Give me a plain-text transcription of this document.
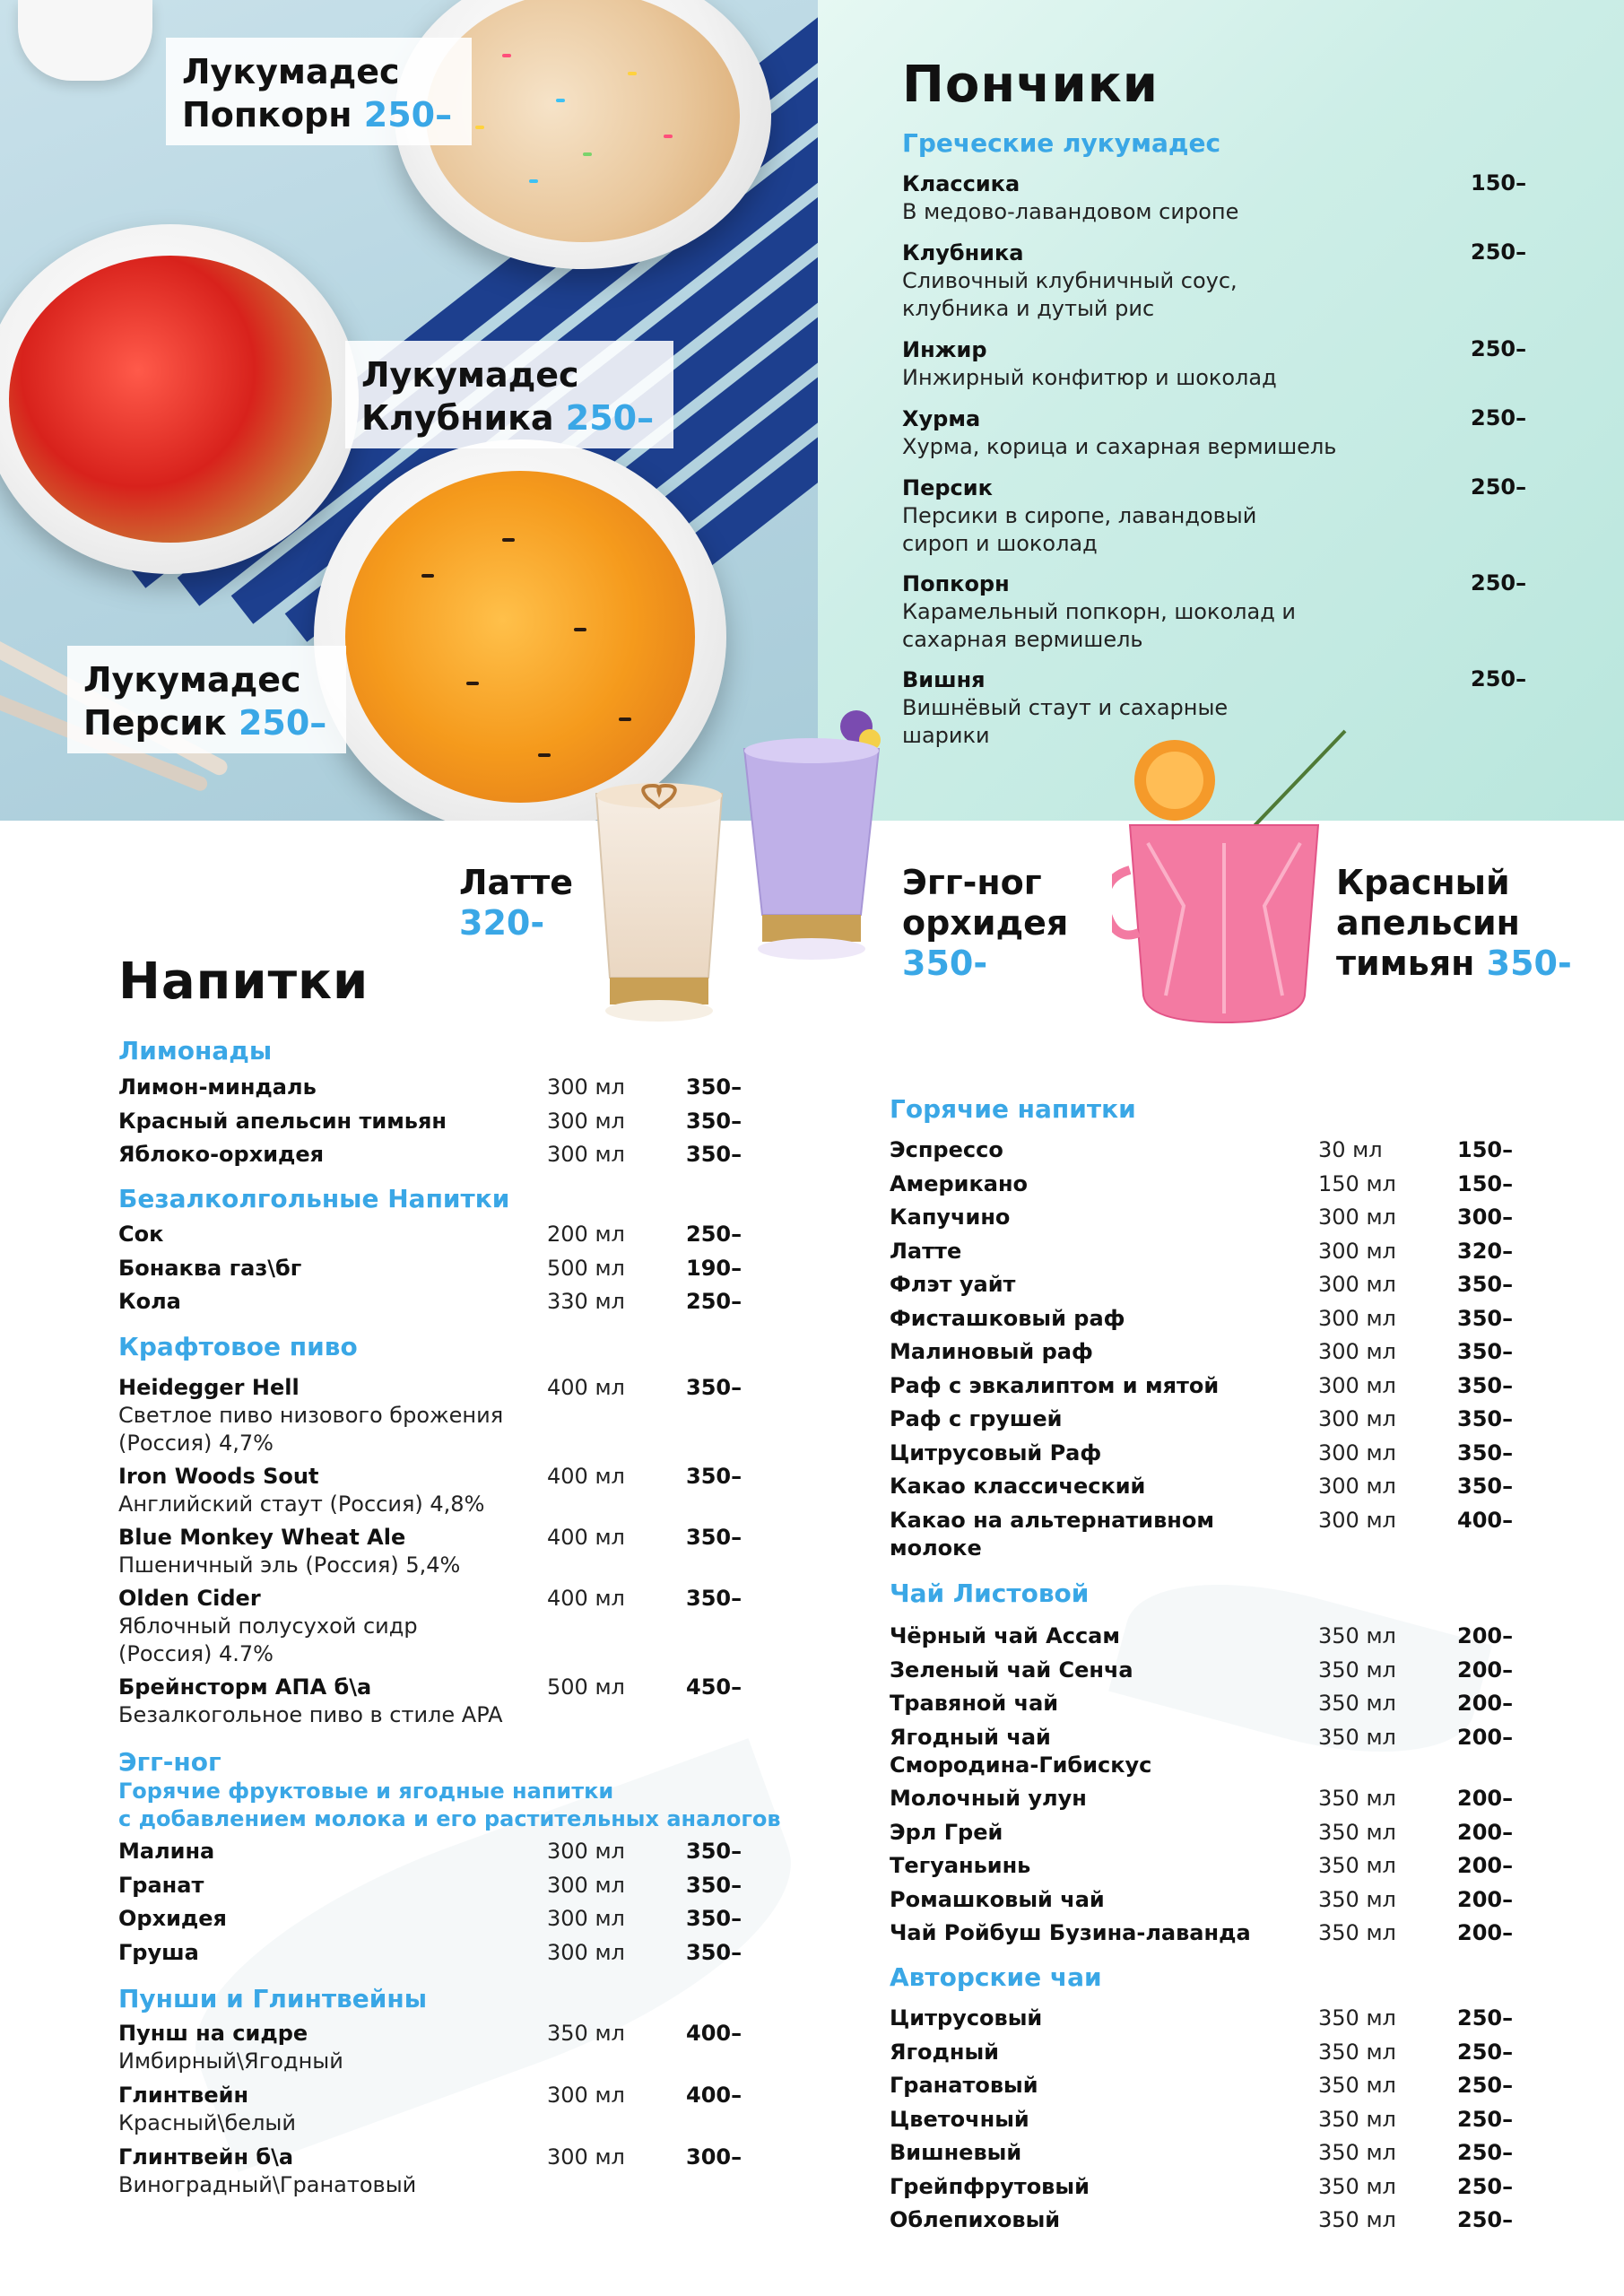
Лукумадес
Попкорн 250–
Лукумадес
Клубника 250–
Лукумадес
Персик 250–
Пончики
Греческие лукумадес
Классика
В медово-лавандовом сиропе
150–
Клубника
Сливочный клубничный соус,
клубника и дутый рис
250–
Инжир
Инжирный конфитюр и шоколад
250–
Хурма
Хурма, корица и сахарная вермишель
250–
Персик
Персики в сиропе, лавандовый
сироп и шоколад
250–
Попкорн
Карамельный попкорн, шоколад и
сахарная вермишель
250–
Вишня
Вишнёвый стаут и сахарные
шарики
250–
Латте
320-
Эгг-ног
орхидея
350-
Красный
апельсин
тимьян 350-
Напитки
Лимонады
Лимон-миндаль	300 мл	350–
Красный апельсин тимьян	300 мл	350–
Яблоко-орхидея	300 мл	350–
Безалколгольные Напитки
Сок	200 мл	250–
Бонаква газ\бг	500 мл	190–
Кола	330 мл	250–
Крафтовое пиво
Heidegger Hell
Светлое пиво низового брожения
(Россия) 4,7%
400 мл	350–
Iron Woods Sout
Английский стаут (Россия) 4,8%
400 мл	350–
Blue Monkey Wheat Ale
Пшеничный эль (Россия) 5,4%
400 мл	350–
Olden Cider
Яблочный полусухой сидр
(Россия) 4.7%
400 мл	350–
Брейнсторм АПА б\а
Безалкогольное пиво в стиле APA
500 мл	450–
Эгг-ног
Горячие фруктовые и ягодные напитки
с добавлением молока и его растительных аналогов
Малина	300 мл	350–
Гранат	300 мл	350–
Орхидея	300 мл	350–
Груша	300 мл	350–
Пунши и Глинтвейны
Пунш на сидре
Имбирный\Ягодный
350 мл	400–
Глинтвейн
Красный\белый
300 мл	400–
Глинтвейн б\а
Виноградный\Гранатовый
300 мл	300–
Горячие напитки
Эспрессо	30 мл	150–
Американо	150 мл	150–
Капучино	300 мл	300–
Латте	300 мл	320–
Флэт уайт	300 мл	350–
Фисташковый раф	300 мл	350–
Малиновый раф	300 мл	350–
Раф с эвкалиптом и мятой	300 мл	350–
Раф с грушей	300 мл	350–
Цитрусовый Раф	300 мл	350–
Какао классический	300 мл	350–
Какао на альтернативном
молоке
300 мл	400–
Чай Листовой
Чёрный чай Ассам	350 мл	200–
Зеленый чай Сенча	350 мл	200–
Травяной чай	350 мл	200–
Ягодный чай
Смородина-Гибискус
350 мл	200–
Молочный улун	350 мл	200–
Эрл Грей	350 мл	200–
Тегуаньинь	350 мл	200–
Ромашковый чай	350 мл	200–
Чай Ройбуш Бузина-лаванда	350 мл	200–
Авторские чаи
Цитрусовый	350 мл	250–
Ягодный	350 мл	250–
Гранатовый	350 мл	250–
Цветочный	350 мл	250–
Вишневый	350 мл	250–
Грейпфрутовый	350 мл	250–
Облепиховый	350 мл	250–
